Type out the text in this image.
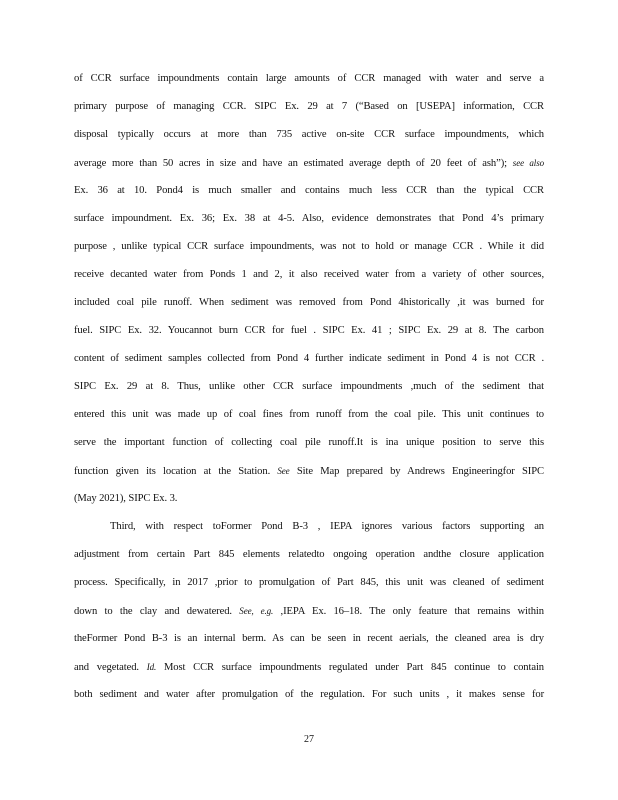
of CCR surface impoundments contain large amounts of CCR managed with water and serve a
primary purpose of managing CCR. SIPC Ex. 29 at 7 (“Based on [USEPA] information, CCR
disposal typically occurs at more than 735 active on-site CCR surface impoundments, which
average more than 50 acres in size and have an estimated average depth of 20 feet of ash”); see also
Ex. 36 at 10. Pond4 is much smaller and contains much less CCR than the typical CCR
surface impoundment. Ex. 36; Ex. 38 at 4-5. Also, evidence demonstrates that Pond 4’s primary
purpose , unlike typical CCR surface impoundments, was not to hold or manage CCR . While it did
receive decanted water from Ponds 1 and 2, it also received water from a variety of other sources,
included coal pile runoff. When sediment was removed from Pond 4historically ,it was burned for
fuel. SIPC Ex. 32. Youcannot burn CCR for fuel . SIPC Ex. 41 ; SIPC Ex. 29 at 8. The carbon
content of sediment samples collected from Pond 4 further indicate sediment in Pond 4 is not CCR .
SIPC Ex. 29 at 8. Thus, unlike other CCR surface impoundments ,much of the sediment that
entered this unit was made up of coal fines from runoff from the coal pile. This unit continues to
serve the important function of collecting coal pile runoff.It is ina unique position to serve this
function given its location at the Station. See Site Map prepared by Andrews Engineeringfor SIPC
(May 2021), SIPC Ex. 3.
Third, with respect toFormer Pond B-3 , IEPA ignores various factors supporting an
adjustment from certain Part 845 elements relatedto ongoing operation andthe closure application
process. Specifically, in 2017 ,prior to promulgation of Part 845, this unit was cleaned of sediment
down to the clay and dewatered. See, e.g. ,IEPA Ex. 16–18. The only feature that remains within
theFormer Pond B-3 is an internal berm. As can be seen in recent aerials, the cleaned area is dry
and vegetated. Id. Most CCR surface impoundments regulated under Part 845 continue to contain
both sediment and water after promulgation of the regulation. For such units , it makes sense for
27
